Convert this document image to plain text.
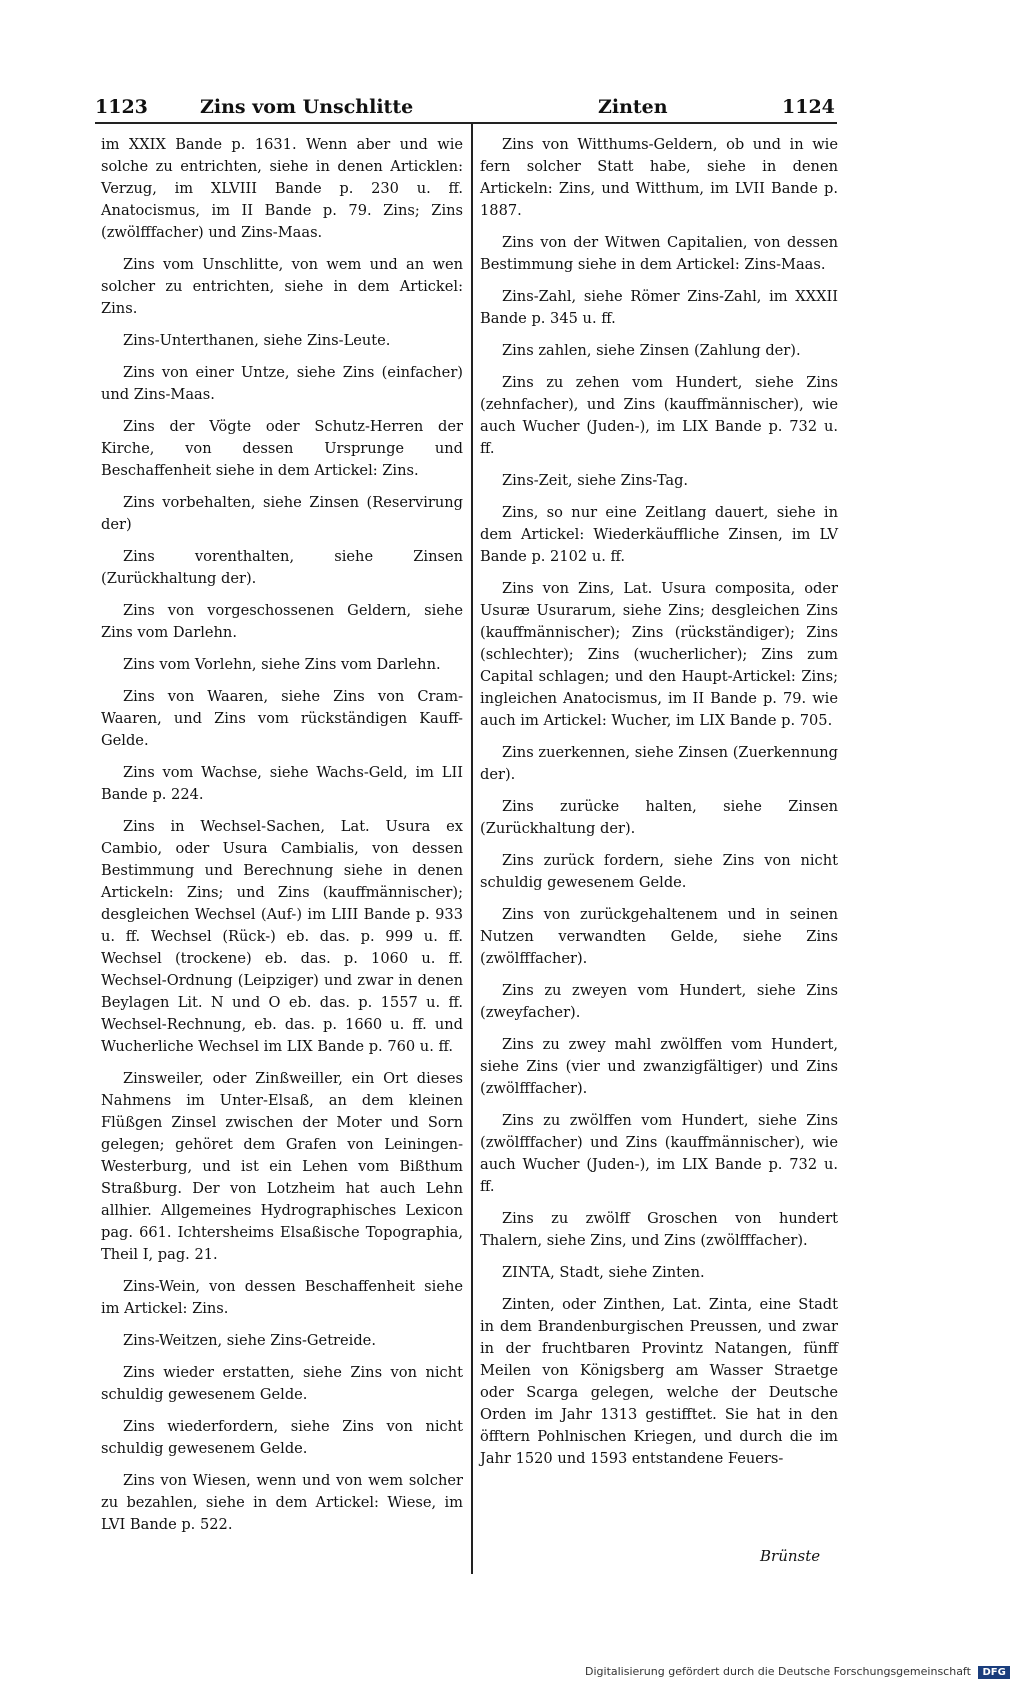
1123	Zins vom Unschlitte	Zinten	1124

im XXIX Bande p. 1631. Wenn aber und wie solche zu entrichten, siehe in denen Articklen: Verzug, im XLVIII Bande p. 230 u. ff. Anatocismus, im II Bande p. 79. Zins; Zins (zwölfffacher) und Zins-Maas.

Zins vom Unschlitte, von wem und an wen solcher zu entrichten, siehe in dem Artickel: Zins.

Zins-Unterthanen, siehe Zins-Leute.

Zins von einer Untze, siehe Zins (einfacher) und Zins-Maas.

Zins der Vögte oder Schutz-Herren der Kirche, von dessen Ursprunge und Beschaffenheit siehe in dem Artickel: Zins.

Zins vorbehalten, siehe Zinsen (Reservirung der)

Zins vorenthalten, siehe Zinsen (Zurückhaltung der).

Zins von vorgeschossenen Geldern, siehe Zins vom Darlehn.

Zins vom Vorlehn, siehe Zins vom Darlehn.

Zins von Waaren, siehe Zins von Cram-Waaren, und Zins vom rückständigen Kauff-Gelde.

Zins vom Wachse, siehe Wachs-Geld, im LII Bande p. 224.

Zins in Wechsel-Sachen, Lat. Usura ex Cambio, oder Usura Cambialis, von dessen Bestimmung und Berechnung siehe in denen Artickeln: Zins; und Zins (kauffmännischer); desgleichen Wechsel (Auf-) im LIII Bande p. 933 u. ff. Wechsel (Rück-) eb. das. p. 999 u. ff. Wechsel (trockene) eb. das. p. 1060 u. ff. Wechsel-Ordnung (Leipziger) und zwar in denen Beylagen Lit. N und O eb. das. p. 1557 u. ff. Wechsel-Rechnung, eb. das. p. 1660 u. ff. und Wucherliche Wechsel im LIX Bande p. 760 u. ff.

Zinsweiler, oder Zinßweiller, ein Ort dieses Nahmens im Unter-Elsaß, an dem kleinen Flüßgen Zinsel zwischen der Moter und Sorn gelegen; gehöret dem Grafen von Leiningen-Westerburg, und ist ein Lehen vom Bißthum Straßburg. Der von Lotzheim hat auch Lehn allhier. Allgemeines Hydrographisches Lexicon pag. 661. Ichtersheims Elsaßische Topographia, Theil I, pag. 21.

Zins-Wein, von dessen Beschaffenheit siehe im Artickel: Zins.

Zins-Weitzen, siehe Zins-Getreide.

Zins wieder erstatten, siehe Zins von nicht schuldig gewesenem Gelde.

Zins wiederfordern, siehe Zins von nicht schuldig gewesenem Gelde.

Zins von Wiesen, wenn und von wem solcher zu bezahlen, siehe in dem Artickel: Wiese, im LVI Bande p. 522.

Zins von Witthums-Geldern, ob und in wie fern solcher Statt habe, siehe in denen Artickeln: Zins, und Witthum, im LVII Bande p. 1887.

Zins von der Witwen Capitalien, von dessen Bestimmung siehe in dem Artickel: Zins-Maas.

Zins-Zahl, siehe Römer Zins-Zahl, im XXXII Bande p. 345 u. ff.

Zins zahlen, siehe Zinsen (Zahlung der).

Zins zu zehen vom Hundert, siehe Zins (zehnfacher), und Zins (kauffmännischer), wie auch Wucher (Juden-), im LIX Bande p. 732 u. ff.

Zins-Zeit, siehe Zins-Tag.

Zins, so nur eine Zeitlang dauert, siehe in dem Artickel: Wiederkäuffliche Zinsen, im LV Bande p. 2102 u. ff.

Zins von Zins, Lat. Usura composita, oder Usuræ Usurarum, siehe Zins; desgleichen Zins (kauffmännischer); Zins (rückständiger); Zins (schlechter); Zins (wucherlicher); Zins zum Capital schlagen; und den Haupt-Artickel: Zins; ingleichen Anatocismus, im II Bande p. 79. wie auch im Artickel: Wucher, im LIX Bande p. 705.

Zins zuerkennen, siehe Zinsen (Zuerkennung der).

Zins zurücke halten, siehe Zinsen (Zurückhaltung der).

Zins zurück fordern, siehe Zins von nicht schuldig gewesenem Gelde.

Zins von zurückgehaltenem und in seinen Nutzen verwandten Gelde, siehe Zins (zwölfffacher).

Zins zu zweyen vom Hundert, siehe Zins (zweyfacher).

Zins zu zwey mahl zwölffen vom Hundert, siehe Zins (vier und zwanzigfältiger) und Zins (zwölfffacher).

Zins zu zwölffen vom Hundert, siehe Zins (zwölfffacher) und Zins (kauffmännischer), wie auch Wucher (Juden-), im LIX Bande p. 732 u. ff.

Zins zu zwölff Groschen von hundert Thalern, siehe Zins, und Zins (zwölfffacher).

ZINTA, Stadt, siehe Zinten.

Zinten, oder Zinthen, Lat. Zinta, eine Stadt in dem Brandenburgischen Preussen, und zwar in der fruchtbaren Provintz Natangen, fünff Meilen von Königsberg am Wasser Straetge oder Scarga gelegen, welche der Deutsche Orden im Jahr 1313 gestifftet. Sie hat in den öfftern Pohlnischen Kriegen, und durch die im Jahr 1520 und 1593 entstandene Feuers-

Brünste
Digitalisierung gefördert durch die Deutsche Forschungsgemeinschaft DFG
